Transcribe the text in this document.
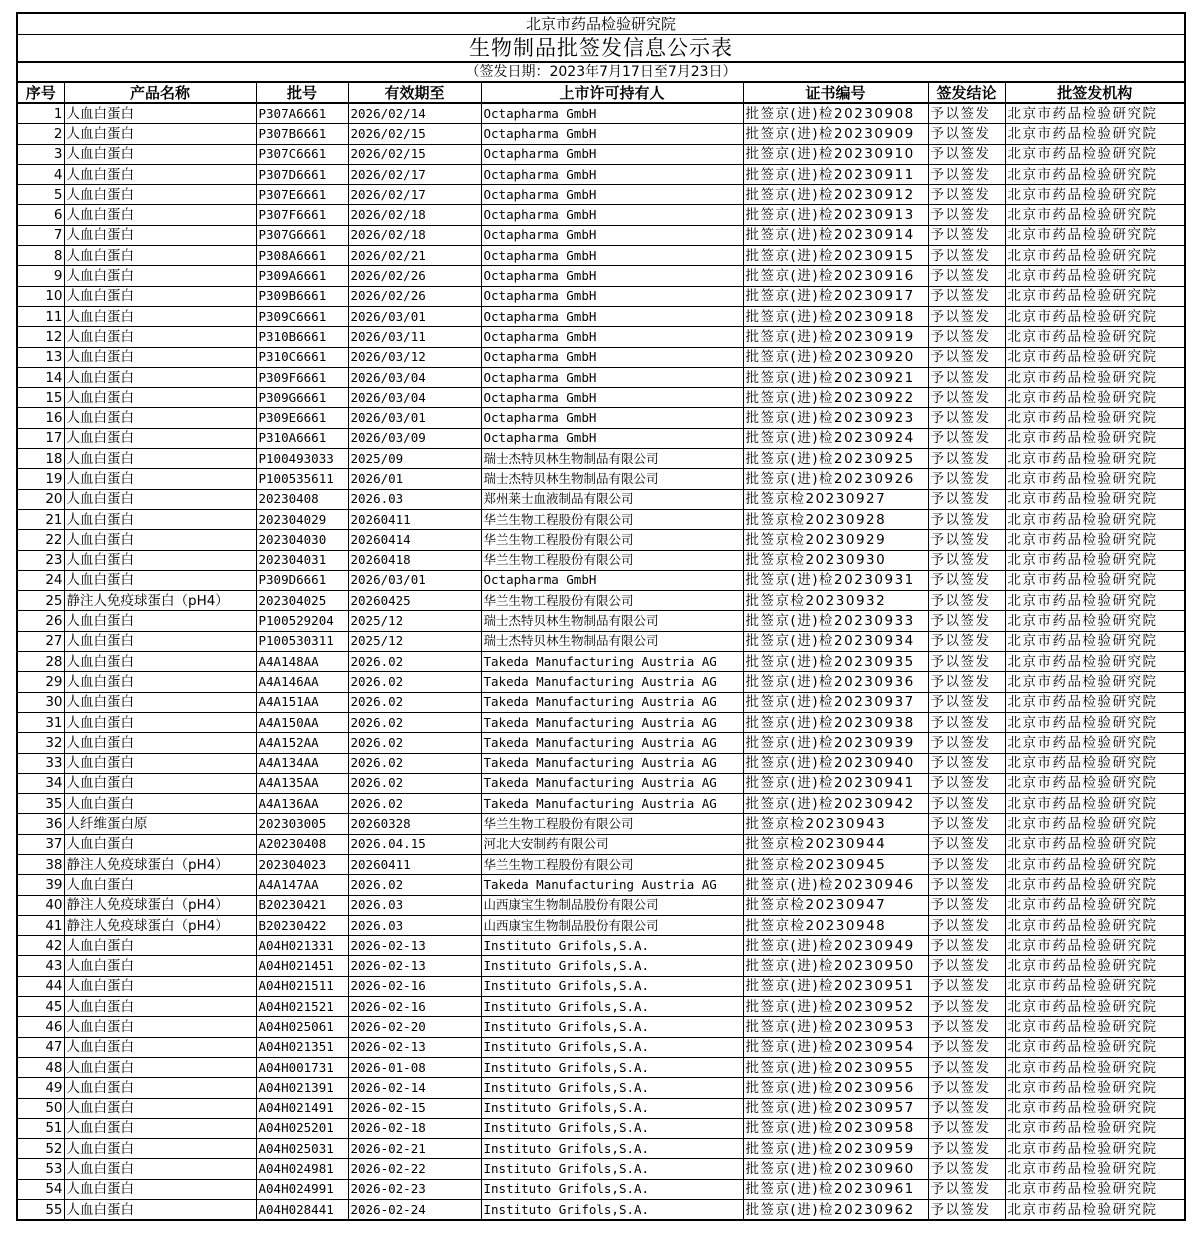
北京市药品检验研究院							
生物制品批签发信息公示表							
（签发日期：2023年7月17日至7月23日）							
序号	产品名称	批号	有效期至	上市许可持有人	证书编号	签发结论	批签发机构
1	人血白蛋白	P307A6661	2026/02/14	Octapharma GmbH	批签京(进)检20230908	予以签发	北京市药品检验研究院
2	人血白蛋白	P307B6661	2026/02/15	Octapharma GmbH	批签京(进)检20230909	予以签发	北京市药品检验研究院
3	人血白蛋白	P307C6661	2026/02/15	Octapharma GmbH	批签京(进)检20230910	予以签发	北京市药品检验研究院
4	人血白蛋白	P307D6661	2026/02/17	Octapharma GmbH	批签京(进)检20230911	予以签发	北京市药品检验研究院
5	人血白蛋白	P307E6661	2026/02/17	Octapharma GmbH	批签京(进)检20230912	予以签发	北京市药品检验研究院
6	人血白蛋白	P307F6661	2026/02/18	Octapharma GmbH	批签京(进)检20230913	予以签发	北京市药品检验研究院
7	人血白蛋白	P307G6661	2026/02/18	Octapharma GmbH	批签京(进)检20230914	予以签发	北京市药品检验研究院
8	人血白蛋白	P308A6661	2026/02/21	Octapharma GmbH	批签京(进)检20230915	予以签发	北京市药品检验研究院
9	人血白蛋白	P309A6661	2026/02/26	Octapharma GmbH	批签京(进)检20230916	予以签发	北京市药品检验研究院
10	人血白蛋白	P309B6661	2026/02/26	Octapharma GmbH	批签京(进)检20230917	予以签发	北京市药品检验研究院
11	人血白蛋白	P309C6661	2026/03/01	Octapharma GmbH	批签京(进)检20230918	予以签发	北京市药品检验研究院
12	人血白蛋白	P310B6661	2026/03/11	Octapharma GmbH	批签京(进)检20230919	予以签发	北京市药品检验研究院
13	人血白蛋白	P310C6661	2026/03/12	Octapharma GmbH	批签京(进)检20230920	予以签发	北京市药品检验研究院
14	人血白蛋白	P309F6661	2026/03/04	Octapharma GmbH	批签京(进)检20230921	予以签发	北京市药品检验研究院
15	人血白蛋白	P309G6661	2026/03/04	Octapharma GmbH	批签京(进)检20230922	予以签发	北京市药品检验研究院
16	人血白蛋白	P309E6661	2026/03/01	Octapharma GmbH	批签京(进)检20230923	予以签发	北京市药品检验研究院
17	人血白蛋白	P310A6661	2026/03/09	Octapharma GmbH	批签京(进)检20230924	予以签发	北京市药品检验研究院
18	人血白蛋白	P100493033	2025/09	瑞士杰特贝林生物制品有限公司	批签京(进)检20230925	予以签发	北京市药品检验研究院
19	人血白蛋白	P100535611	2026/01	瑞士杰特贝林生物制品有限公司	批签京(进)检20230926	予以签发	北京市药品检验研究院
20	人血白蛋白	20230408	2026.03	郑州莱士血液制品有限公司	批签京检20230927	予以签发	北京市药品检验研究院
21	人血白蛋白	202304029	20260411	华兰生物工程股份有限公司	批签京检20230928	予以签发	北京市药品检验研究院
22	人血白蛋白	202304030	20260414	华兰生物工程股份有限公司	批签京检20230929	予以签发	北京市药品检验研究院
23	人血白蛋白	202304031	20260418	华兰生物工程股份有限公司	批签京检20230930	予以签发	北京市药品检验研究院
24	人血白蛋白	P309D6661	2026/03/01	Octapharma GmbH	批签京(进)检20230931	予以签发	北京市药品检验研究院
25	静注人免疫球蛋白（pH4）	202304025	20260425	华兰生物工程股份有限公司	批签京检20230932	予以签发	北京市药品检验研究院
26	人血白蛋白	P100529204	2025/12	瑞士杰特贝林生物制品有限公司	批签京(进)检20230933	予以签发	北京市药品检验研究院
27	人血白蛋白	P100530311	2025/12	瑞士杰特贝林生物制品有限公司	批签京(进)检20230934	予以签发	北京市药品检验研究院
28	人血白蛋白	A4A148AA	2026.02	Takeda Manufacturing Austria AG	批签京(进)检20230935	予以签发	北京市药品检验研究院
29	人血白蛋白	A4A146AA	2026.02	Takeda Manufacturing Austria AG	批签京(进)检20230936	予以签发	北京市药品检验研究院
30	人血白蛋白	A4A151AA	2026.02	Takeda Manufacturing Austria AG	批签京(进)检20230937	予以签发	北京市药品检验研究院
31	人血白蛋白	A4A150AA	2026.02	Takeda Manufacturing Austria AG	批签京(进)检20230938	予以签发	北京市药品检验研究院
32	人血白蛋白	A4A152AA	2026.02	Takeda Manufacturing Austria AG	批签京(进)检20230939	予以签发	北京市药品检验研究院
33	人血白蛋白	A4A134AA	2026.02	Takeda Manufacturing Austria AG	批签京(进)检20230940	予以签发	北京市药品检验研究院
34	人血白蛋白	A4A135AA	2026.02	Takeda Manufacturing Austria AG	批签京(进)检20230941	予以签发	北京市药品检验研究院
35	人血白蛋白	A4A136AA	2026.02	Takeda Manufacturing Austria AG	批签京(进)检20230942	予以签发	北京市药品检验研究院
36	人纤维蛋白原	202303005	20260328	华兰生物工程股份有限公司	批签京检20230943	予以签发	北京市药品检验研究院
37	人血白蛋白	A20230408	2026.04.15	河北大安制药有限公司	批签京检20230944	予以签发	北京市药品检验研究院
38	静注人免疫球蛋白（pH4）	202304023	20260411	华兰生物工程股份有限公司	批签京检20230945	予以签发	北京市药品检验研究院
39	人血白蛋白	A4A147AA	2026.02	Takeda Manufacturing Austria AG	批签京(进)检20230946	予以签发	北京市药品检验研究院
40	静注人免疫球蛋白（pH4）	B20230421	2026.03	山西康宝生物制品股份有限公司	批签京检20230947	予以签发	北京市药品检验研究院
41	静注人免疫球蛋白（pH4）	B20230422	2026.03	山西康宝生物制品股份有限公司	批签京检20230948	予以签发	北京市药品检验研究院
42	人血白蛋白	A04H021331	2026-02-13	Instituto Grifols,S.A.	批签京(进)检20230949	予以签发	北京市药品检验研究院
43	人血白蛋白	A04H021451	2026-02-13	Instituto Grifols,S.A.	批签京(进)检20230950	予以签发	北京市药品检验研究院
44	人血白蛋白	A04H021511	2026-02-16	Instituto Grifols,S.A.	批签京(进)检20230951	予以签发	北京市药品检验研究院
45	人血白蛋白	A04H021521	2026-02-16	Instituto Grifols,S.A.	批签京(进)检20230952	予以签发	北京市药品检验研究院
46	人血白蛋白	A04H025061	2026-02-20	Instituto Grifols,S.A.	批签京(进)检20230953	予以签发	北京市药品检验研究院
47	人血白蛋白	A04H021351	2026-02-13	Instituto Grifols,S.A.	批签京(进)检20230954	予以签发	北京市药品检验研究院
48	人血白蛋白	A04H001731	2026-01-08	Instituto Grifols,S.A.	批签京(进)检20230955	予以签发	北京市药品检验研究院
49	人血白蛋白	A04H021391	2026-02-14	Instituto Grifols,S.A.	批签京(进)检20230956	予以签发	北京市药品检验研究院
50	人血白蛋白	A04H021491	2026-02-15	Instituto Grifols,S.A.	批签京(进)检20230957	予以签发	北京市药品检验研究院
51	人血白蛋白	A04H025201	2026-02-18	Instituto Grifols,S.A.	批签京(进)检20230958	予以签发	北京市药品检验研究院
52	人血白蛋白	A04H025031	2026-02-21	Instituto Grifols,S.A.	批签京(进)检20230959	予以签发	北京市药品检验研究院
53	人血白蛋白	A04H024981	2026-02-22	Instituto Grifols,S.A.	批签京(进)检20230960	予以签发	北京市药品检验研究院
54	人血白蛋白	A04H024991	2026-02-23	Instituto Grifols,S.A.	批签京(进)检20230961	予以签发	北京市药品检验研究院
55	人血白蛋白	A04H028441	2026-02-24	Instituto Grifols,S.A.	批签京(进)检20230962	予以签发	北京市药品检验研究院
